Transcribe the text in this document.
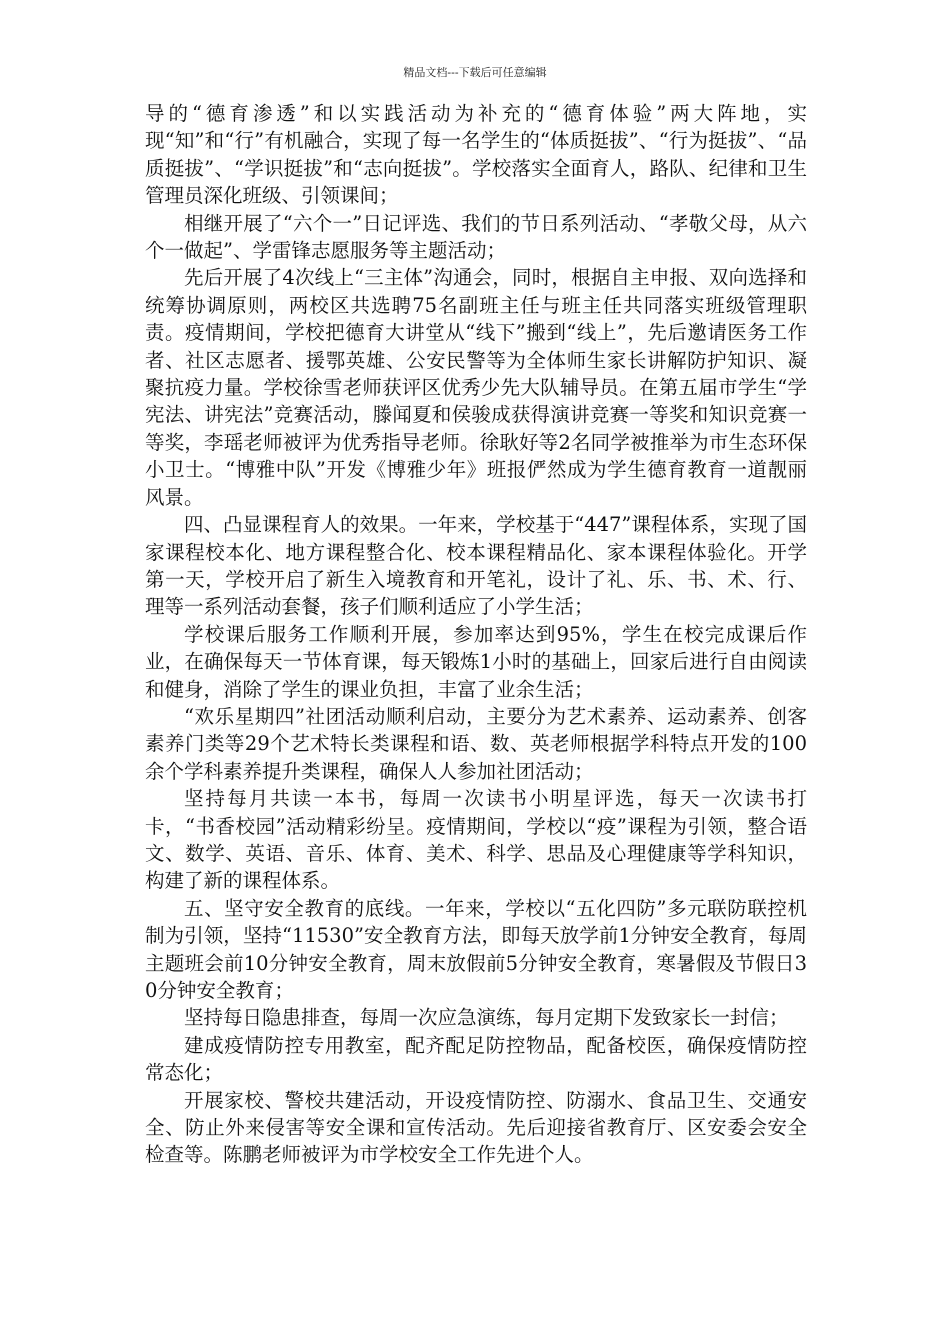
精品文档---下载后可任意编辑

导的“德育渗透”和以实践活动为补充的“德育体验”两大阵地，实现“知”和“行”有机融合，实现了每一名学生的“体质挺拔”、“行为挺拔”、“品质挺拔”、“学识挺拔”和“志向挺拔”。学校落实全面育人，路队、纪律和卫生管理员深化班级、引领课间；

相继开展了“六个一”日记评选、我们的节日系列活动、“孝敬父母，从六个一做起”、学雷锋志愿服务等主题活动；

先后开展了4次线上“三主体”沟通会，同时，根据自主申报、双向选择和统筹协调原则，两校区共选聘75名副班主任与班主任共同落实班级管理职责。疫情期间，学校把德育大讲堂从“线下”搬到“线上”，先后邀请医务工作者、社区志愿者、援鄂英雄、公安民警等为全体师生家长讲解防护知识、凝聚抗疫力量。学校徐雪老师获评区优秀少先大队辅导员。在第五届市学生“学宪法、讲宪法”竞赛活动，滕闻夏和侯骏成获得演讲竞赛一等奖和知识竞赛一等奖，李瑶老师被评为优秀指导老师。徐耿好等2名同学被推举为市生态环保小卫士。“博雅中队”开发《博雅少年》班报俨然成为学生德育教育一道靓丽风景。

四、凸显课程育人的效果。一年来，学校基于“447”课程体系，实现了国家课程校本化、地方课程整合化、校本课程精品化、家本课程体验化。开学第一天，学校开启了新生入境教育和开笔礼，设计了礼、乐、书、术、行、理等一系列活动套餐，孩子们顺利适应了小学生活；

学校课后服务工作顺利开展，参加率达到95%，学生在校完成课后作业，在确保每天一节体育课，每天锻炼1小时的基础上，回家后进行自由阅读和健身，消除了学生的课业负担，丰富了业余生活；

“欢乐星期四”社团活动顺利启动，主要分为艺术素养、运动素养、创客素养门类等29个艺术特长类课程和语、数、英老师根据学科特点开发的100余个学科素养提升类课程，确保人人参加社团活动；

坚持每月共读一本书，每周一次读书小明星评选，每天一次读书打卡，“书香校园”活动精彩纷呈。疫情期间，学校以“疫”课程为引领，整合语文、数学、英语、音乐、体育、美术、科学、思品及心理健康等学科知识，构建了新的课程体系。

五、坚守安全教育的底线。一年来，学校以“五化四防”多元联防联控机制为引领，坚持“11530”安全教育方法，即每天放学前1分钟安全教育，每周主题班会前10分钟安全教育，周末放假前5分钟安全教育，寒暑假及节假日30分钟安全教育；

坚持每日隐患排查，每周一次应急演练，每月定期下发致家长一封信；

建成疫情防控专用教室，配齐配足防控物品，配备校医，确保疫情防控常态化；

开展家校、警校共建活动，开设疫情防控、防溺水、食品卫生、交通安全、防止外来侵害等安全课和宣传活动。先后迎接省教育厅、区安委会安全检查等。陈鹏老师被评为市学校安全工作先进个人。
